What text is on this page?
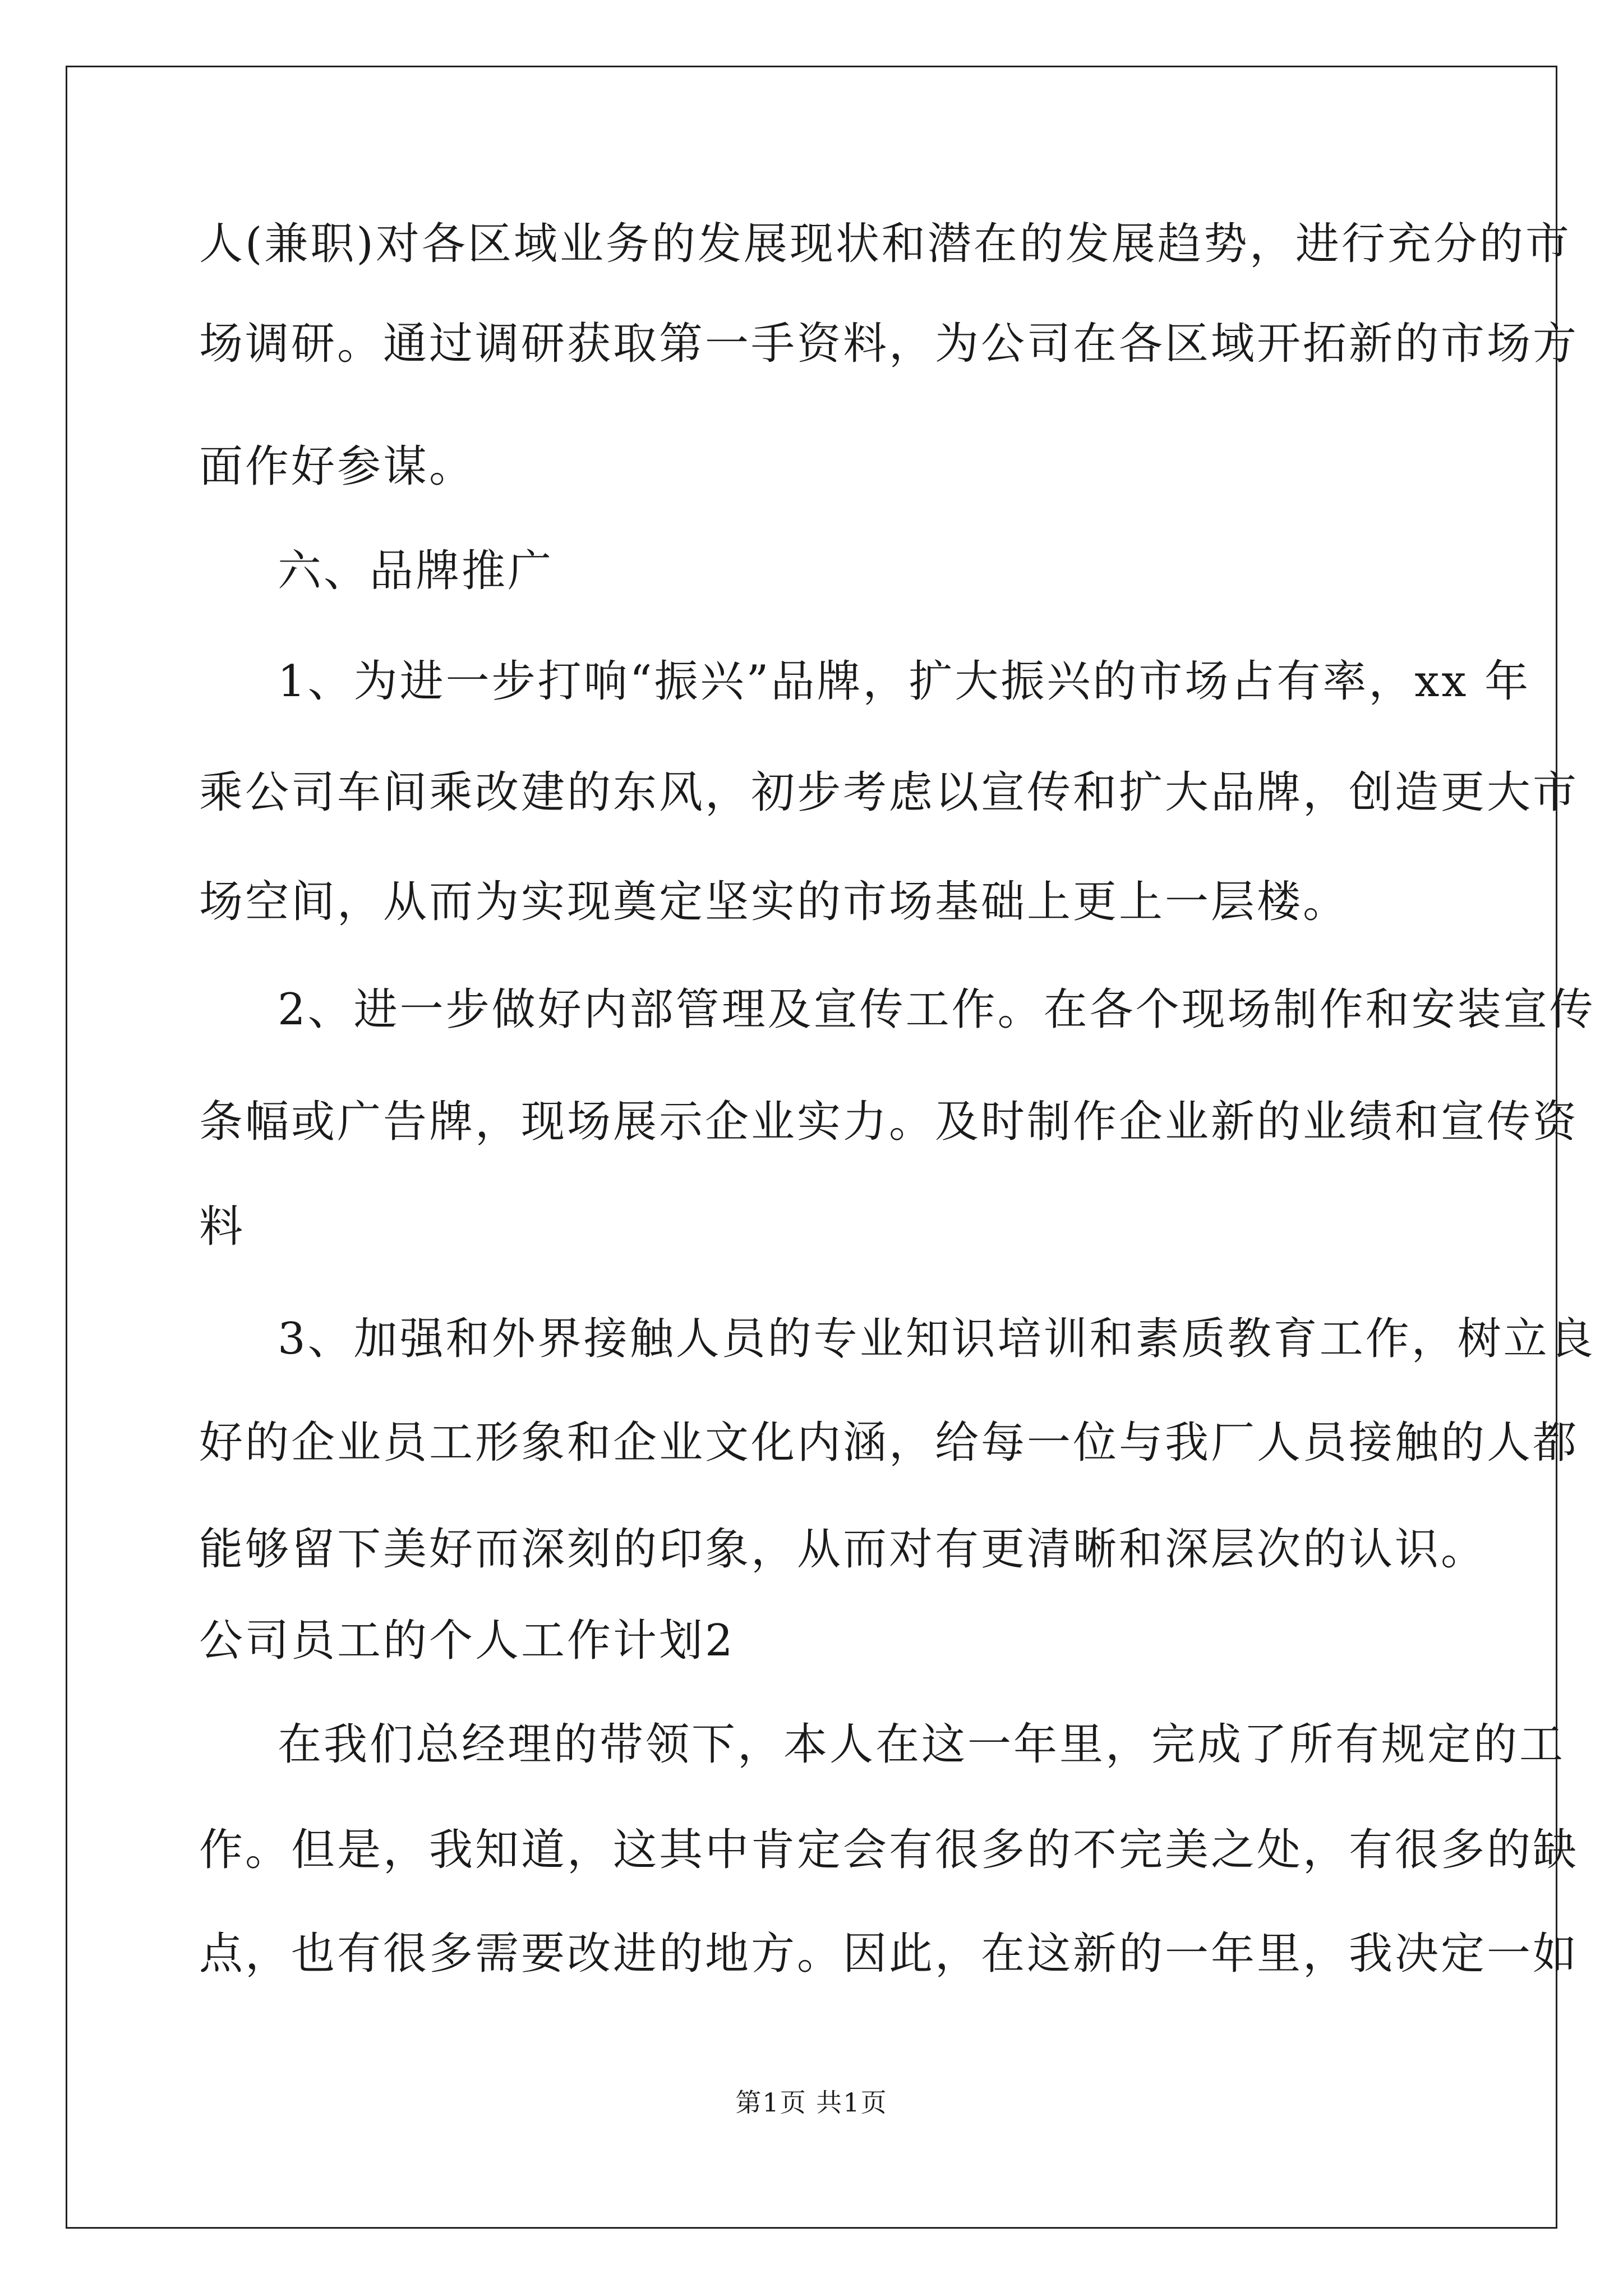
人(兼职)对各区域业务的发展现状和潜在的发展趋势，进行充分的市
场调研。通过调研获取第一手资料，为公司在各区域开拓新的市场方
面作好参谋。
六、品牌推广
1、为进一步打响“振兴”品牌，扩大振兴的市场占有率，xx 年
乘公司车间乘改建的东风，初步考虑以宣传和扩大品牌，创造更大市
场空间，从而为实现奠定坚实的市场基础上更上一层楼。
2、进一步做好内部管理及宣传工作。在各个现场制作和安装宣传
条幅或广告牌，现场展示企业实力。及时制作企业新的业绩和宣传资
料
3、加强和外界接触人员的专业知识培训和素质教育工作，树立良
好的企业员工形象和企业文化内涵，给每一位与我厂人员接触的人都
能够留下美好而深刻的印象，从而对有更清晰和深层次的认识。
公司员工的个人工作计划2
在我们总经理的带领下，本人在这一年里，完成了所有规定的工
作。但是，我知道，这其中肯定会有很多的不完美之处，有很多的缺
点，也有很多需要改进的地方。因此，在这新的一年里，我决定一如
第1页 共1页
